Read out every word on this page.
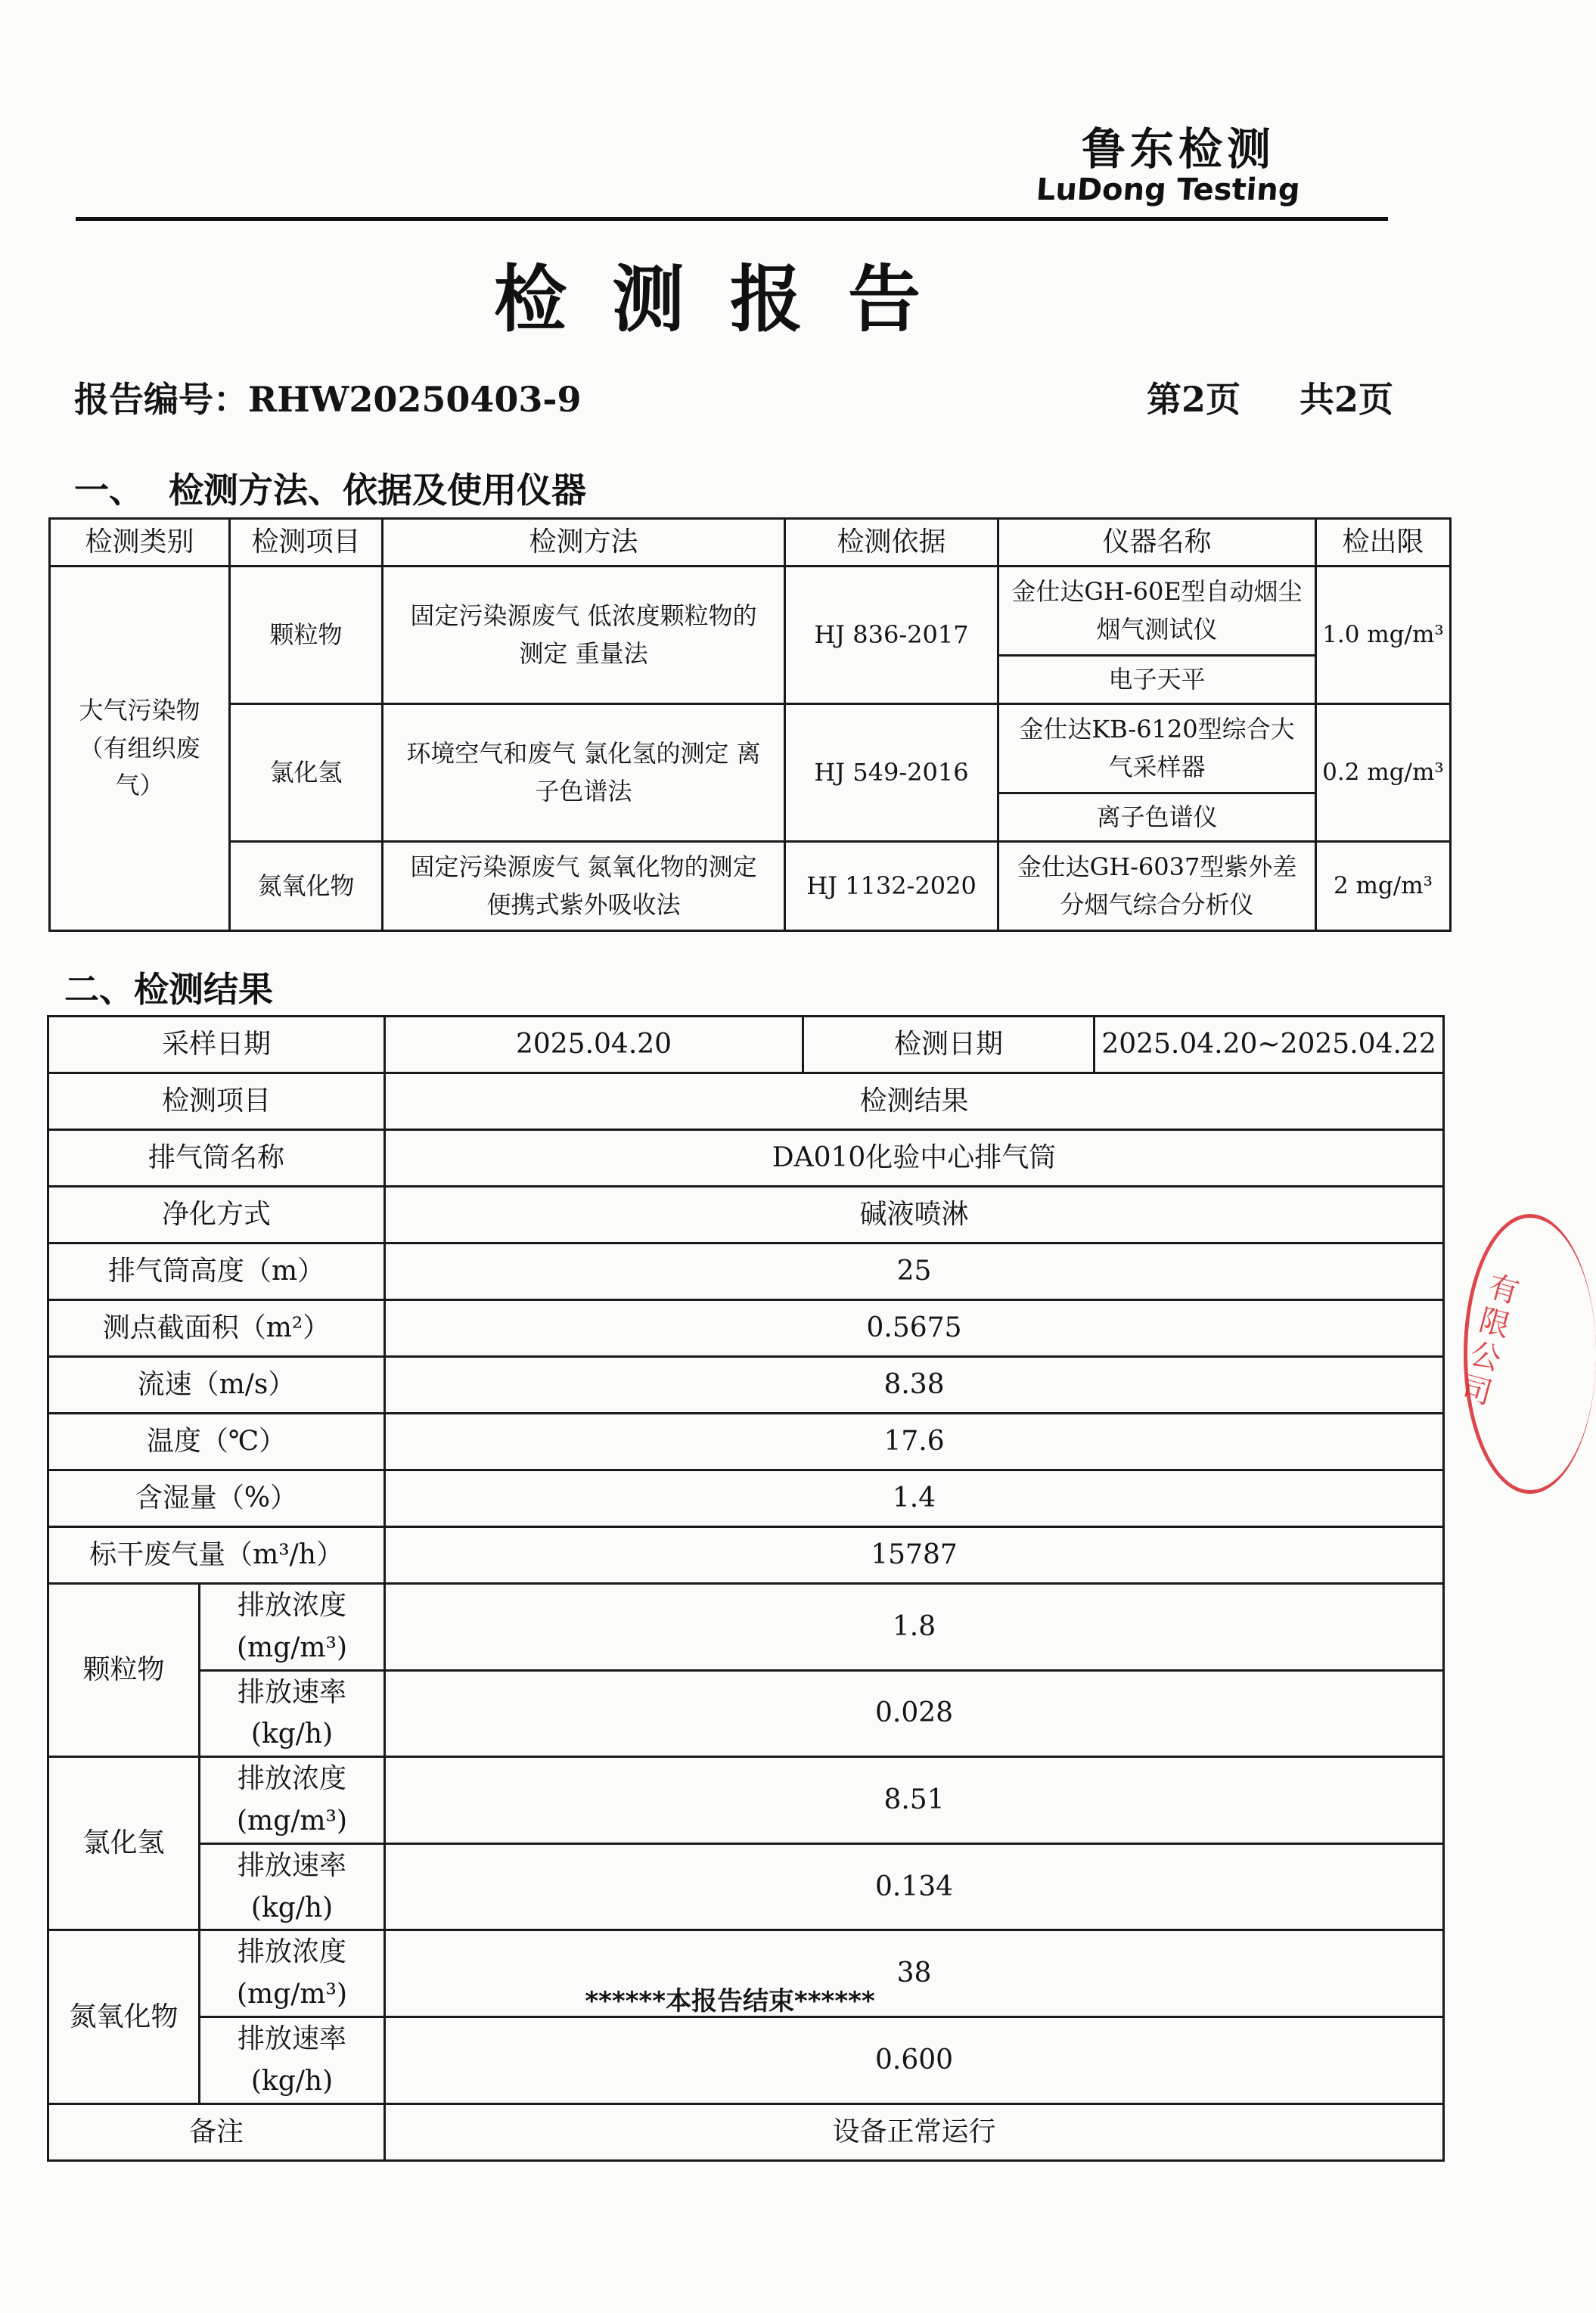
鲁东检测
LuDong Testing
检测报告
报告编号：RHW20250403-9	第2页 共2页
一、 检测方法、依据及使用仪器
检测类别	检测项目	检测方法	检测依据	仪器名称	检出限
大气污染物（有组织废气）	颗粒物	固定污染源废气 低浓度颗粒物的测定 重量法	HJ 836-2017	金仕达GH-60E型自动烟尘烟气测试仪	1.0 mg/m³
				电子天平	
	氯化氢	环境空气和废气 氯化氢的测定 离子色谱法	HJ 549-2016	金仕达KB-6120型综合大气采样器	0.2 mg/m³
				离子色谱仪	
	氮氧化物	固定污染源废气 氮氧化物的测定 便携式紫外吸收法	HJ 1132-2020	金仕达GH-6037型紫外差分烟气综合分析仪	2 mg/m³
二、检测结果
采样日期		2025.04.20	检测日期	2025.04.20~2025.04.22
检测项目		检测结果		
排气筒名称		DA010化验中心排气筒		
净化方式		碱液喷淋		
排气筒高度（m）		25		
测点截面积（m²）		0.5675		
流速（m/s）		8.38		
温度（℃）		17.6		
含湿量（%）		1.4		
标干废气量（m³/h）		15787		
颗粒物	排放浓度(mg/m³)	1.8		
	排放速率(kg/h)	0.028		
氯化氢	排放浓度(mg/m³)	8.51		
	排放速率(kg/h)	0.134		
氮氧化物	排放浓度(mg/m³)	38		
	排放速率(kg/h)	0.600		
备注		设备正常运行		
******本报告结束******
有限公司
